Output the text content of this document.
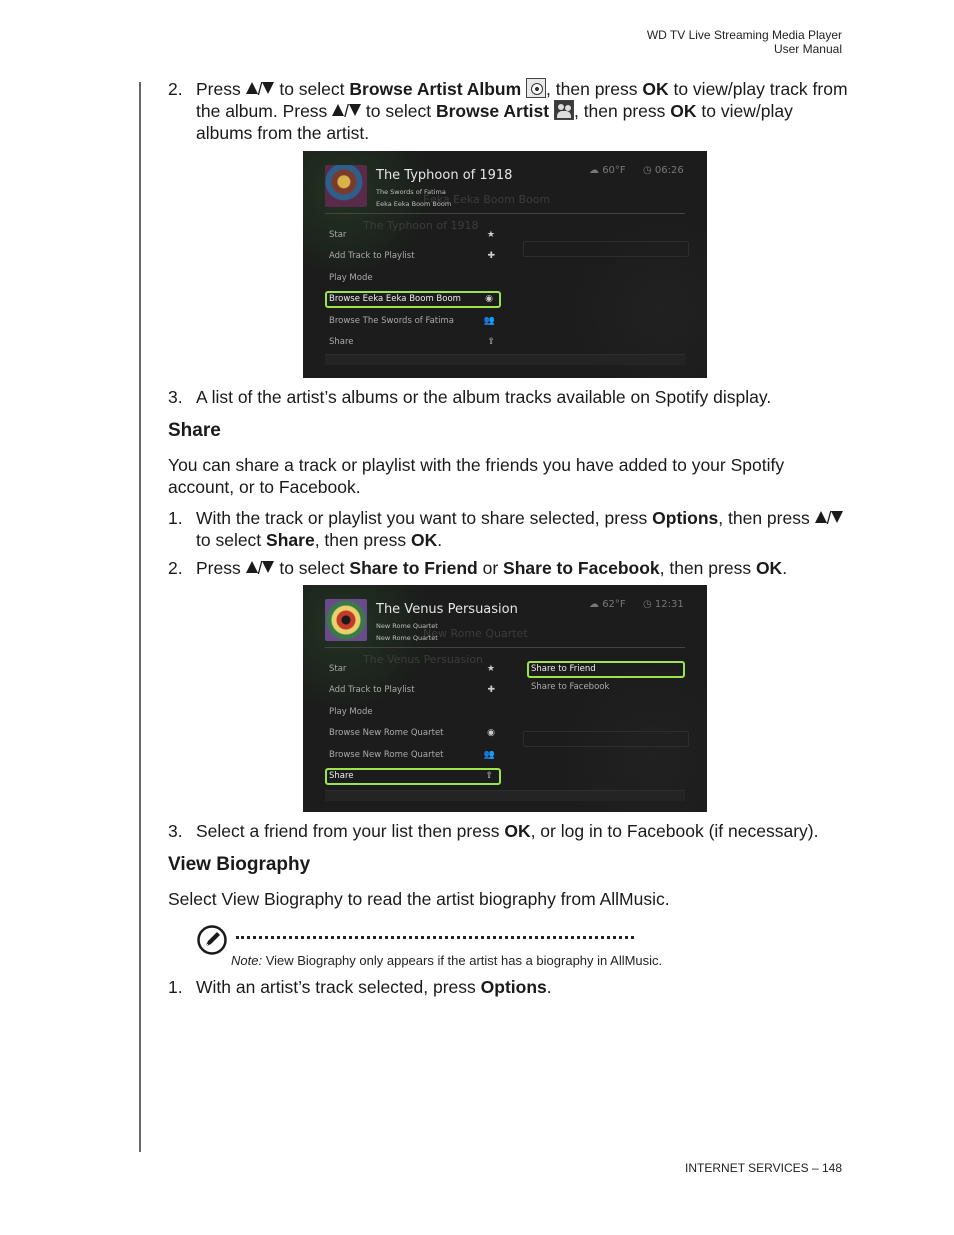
WD TV Live Streaming Media Player
User Manual
2. Press / to select Browse Artist Album , then press OK to view/play track from the album. Press / to select Browse Artist , then press OK to view/play albums from the artist.
Eeka Eeka Boom Boom
The Typhoon of 1918
The Typhoon of 1918
The Swords of Fatima
Eeka Eeka Boom Boom
☁ 60°F ◷ 06:26
Star	★
Add Track to Playlist	✚
Play Mode
Browse Eeka Eeka Boom Boom	◉
Browse The Swords of Fatima	👥
Share	⇪
3. A list of the artist’s albums or the album tracks available on Spotify display.
Share
You can share a track or playlist with the friends you have added to your Spotify account, or to Facebook.
1. With the track or playlist you want to share selected, press Options, then press / to select Share, then press OK.
2. Press / to select Share to Friend or Share to Facebook, then press OK.
New Rome Quartet
The Venus Persuasion
The Venus Persuasion
New Rome Quartet
New Rome Quartet
☁ 62°F ◷ 12:31
Star	★
Add Track to Playlist	✚
Play Mode
Browse New Rome Quartet	◉
Browse New Rome Quartet	👥
Share	⇪
Share to Friend
Share to Facebook
3. Select a friend from your list then press OK, or log in to Facebook (if necessary).
View Biography
Select View Biography to read the artist biography from AllMusic.
Note: View Biography only appears if the artist has a biography in AllMusic.
1. With an artist’s track selected, press Options.
INTERNET SERVICES – 148
